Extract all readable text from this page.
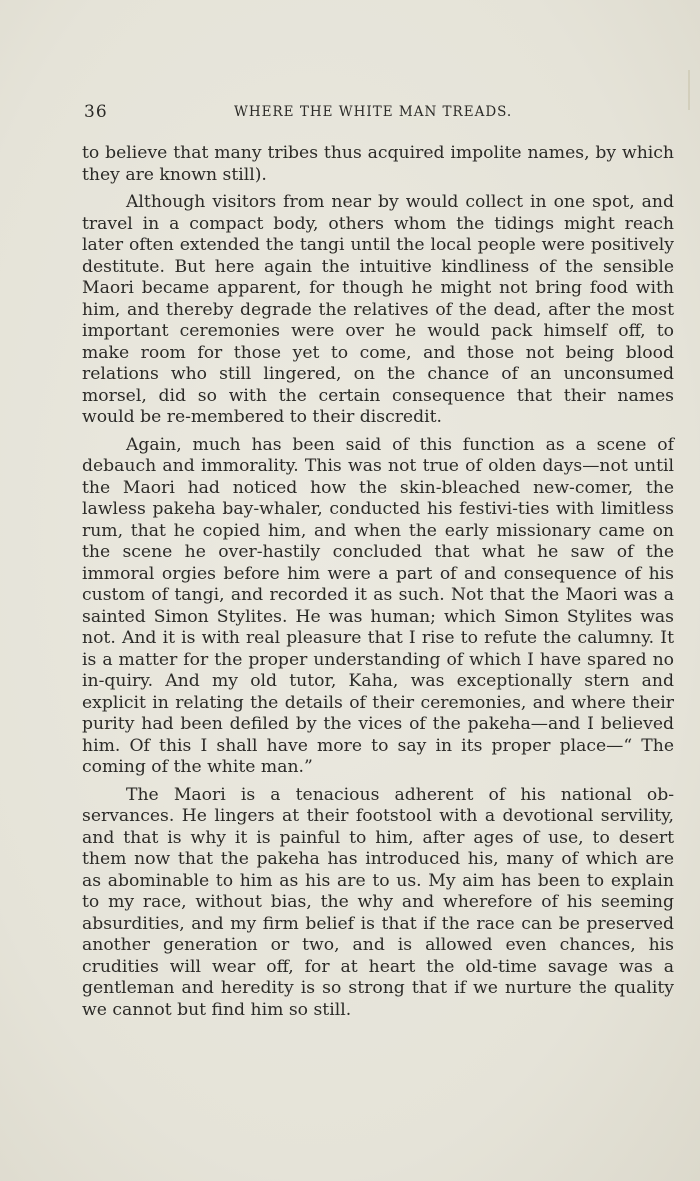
36	WHERE THE WHITE MAN TREADS.

to believe that many tribes thus acquired impolite names, by which they are known still).

Although visitors from near by would collect in one spot, and travel in a compact body, others whom the tidings might reach later often extended the tangi until the local people were positively destitute. But here again the intuitive kindliness of the sensible Maori became apparent, for though he might not bring food with him, and thereby degrade the relatives of the dead, after the most important ceremonies were over he would pack himself off, to make room for those yet to come, and those not being blood relations who still lingered, on the chance of an unconsumed morsel, did so with the certain consequence that their names would be re-membered to their discredit.

Again, much has been said of this function as a scene of debauch and immorality. This was not true of olden days—not until the Maori had noticed how the skin-bleached new-comer, the lawless pakeha bay-whaler, conducted his festivi-ties with limitless rum, that he copied him, and when the early missionary came on the scene he over-hastily concluded that what he saw of the immoral orgies before him were a part of and consequence of his custom of tangi, and recorded it as such. Not that the Maori was a sainted Simon Stylites. He was human; which Simon Stylites was not. And it is with real pleasure that I rise to refute the calumny. It is a matter for the proper understanding of which I have spared no in-quiry. And my old tutor, Kaha, was exceptionally stern and explicit in relating the details of their ceremonies, and where their purity had been defiled by the vices of the pakeha—and I believed him. Of this I shall have more to say in its proper place—“ The coming of the white man.”

The Maori is a tenacious adherent of his national ob-servances. He lingers at their footstool with a devotional servility, and that is why it is painful to him, after ages of use, to desert them now that the pakeha has introduced his, many of which are as abominable to him as his are to us. My aim has been to explain to my race, without bias, the why and wherefore of his seeming absurdities, and my firm belief is that if the race can be preserved another generation or two, and is allowed even chances, his crudities will wear off, for at heart the old-time savage was a gentleman and heredity is so strong that if we nurture the quality we cannot but find him so still.
